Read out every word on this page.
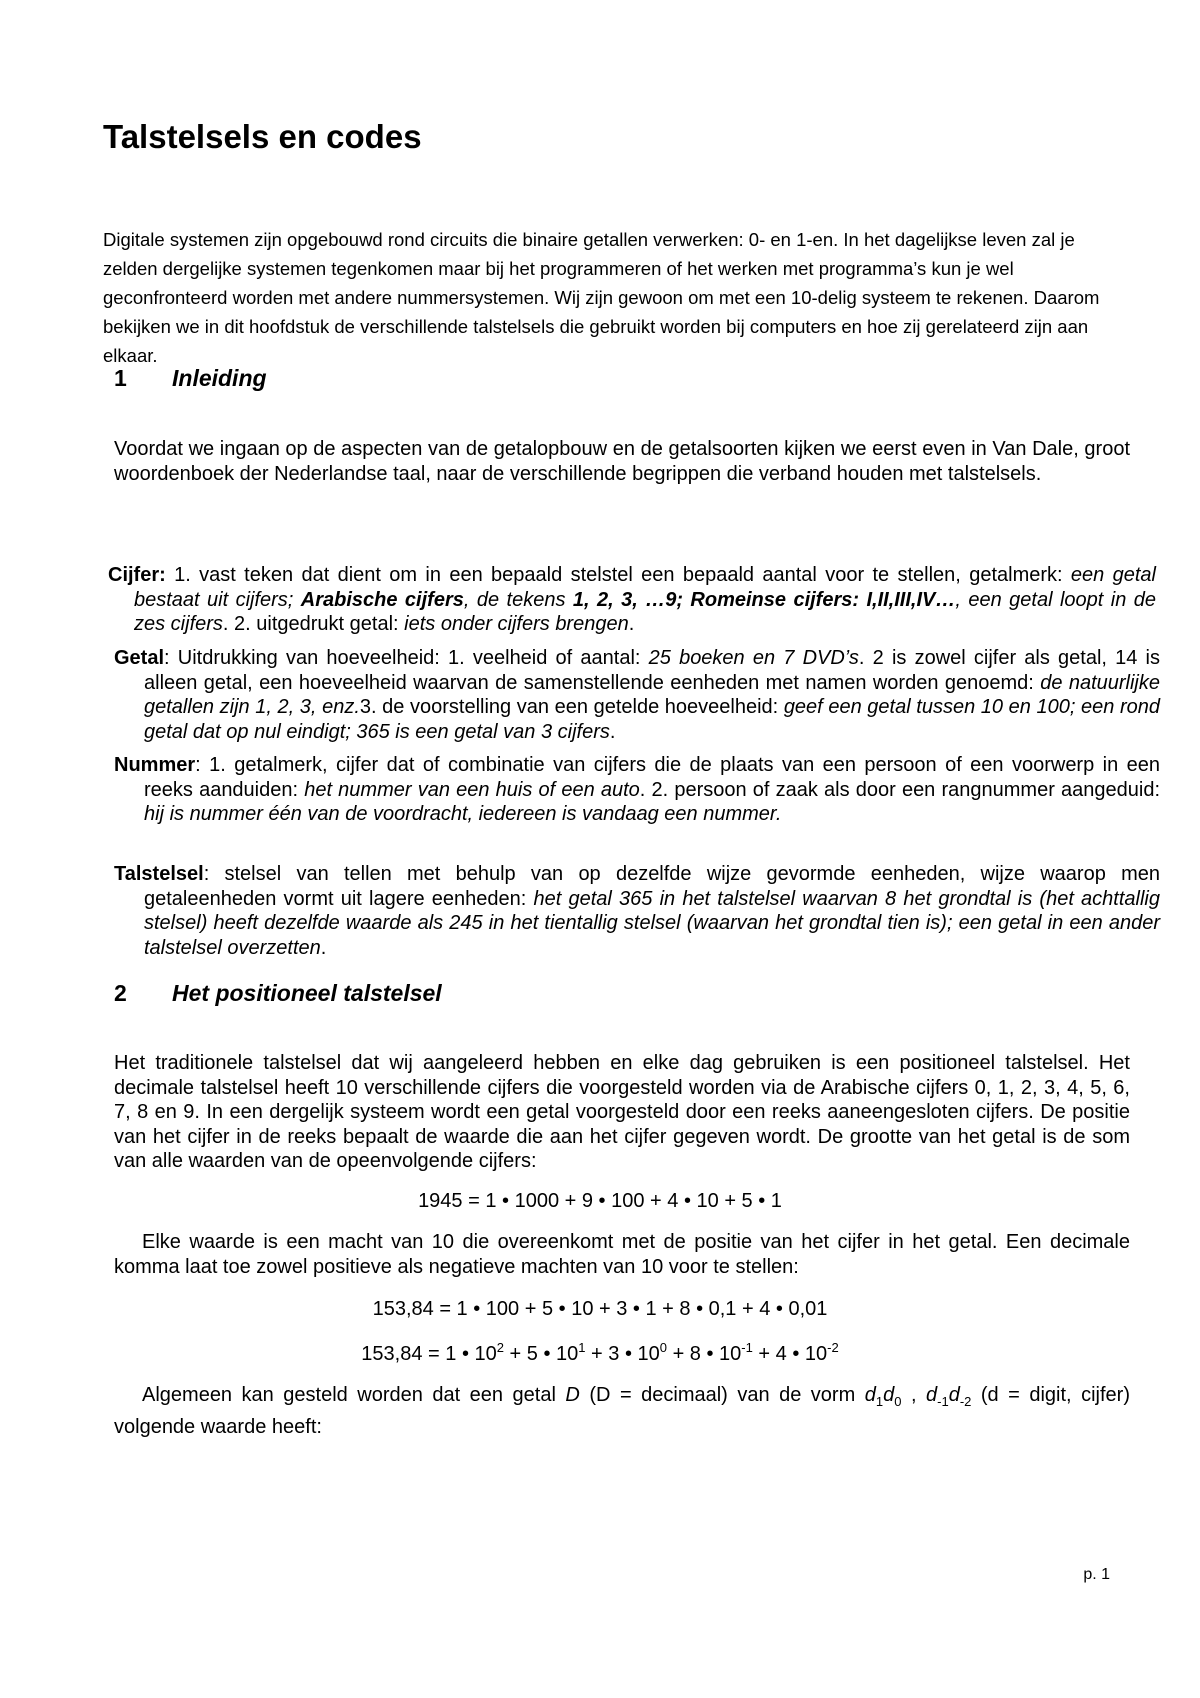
Talstelsels en codes

Digitale systemen zijn opgebouwd rond circuits die binaire getallen verwerken: 0- en 1-en. In het dagelijkse leven zal je zelden dergelijke systemen tegenkomen maar bij het programmeren of het werken met programma’s kun je wel geconfronteerd worden met andere nummersystemen. Wij zijn gewoon om met een 10-delig systeem te rekenen. Daarom bekijken we in dit hoofdstuk de verschillende talstelsels die gebruikt worden bij computers en hoe zij gerelateerd zijn aan elkaar.

1 Inleiding

Voordat we ingaan op de aspecten van de getalopbouw en de getalsoorten kijken we eerst even in Van Dale, groot woordenboek der Nederlandse taal, naar de verschillende begrippen die verband houden met talstelsels.

Cijfer: 1. vast teken dat dient om in een bepaald stelstel een bepaald aantal voor te stellen, getalmerk: een getal bestaat uit cijfers; Arabische cijfers, de tekens 1, 2, 3, …9; Romeinse cijfers: I,II,III,IV…, een getal loopt in de zes cijfers. 2. uitgedrukt getal: iets onder cijfers brengen.

Getal: Uitdrukking van hoeveelheid: 1. veelheid of aantal: 25 boeken en 7 DVD’s. 2 is zowel cijfer als getal, 14 is alleen getal, een hoeveelheid waarvan de samenstellende eenheden met namen worden genoemd: de natuurlijke getallen zijn 1, 2, 3, enz.3. de voorstelling van een getelde hoeveelheid: geef een getal tussen 10 en 100; een rond getal dat op nul eindigt; 365 is een getal van 3 cijfers.

Nummer: 1. getalmerk, cijfer dat of combinatie van cijfers die de plaats van een persoon of een voorwerp in een reeks aanduiden: het nummer van een huis of een auto. 2. persoon of zaak als door een rangnummer aangeduid: hij is nummer één van de voordracht, iedereen is vandaag een nummer.

Talstelsel: stelsel van tellen met behulp van op dezelfde wijze gevormde eenheden, wijze waarop men getaleenheden vormt uit lagere eenheden: het getal 365 in het talstelsel waarvan 8 het grondtal is (het achttallig stelsel) heeft dezelfde waarde als 245 in het tientallig stelsel (waarvan het grondtal tien is); een getal in een ander talstelsel overzetten.

2 Het positioneel talstelsel

Het traditionele talstelsel dat wij aangeleerd hebben en elke dag gebruiken is een positioneel talstelsel. Het decimale talstelsel heeft 10 verschillende cijfers die voorgesteld worden via de Arabische cijfers 0, 1, 2, 3, 4, 5, 6, 7, 8 en 9. In een dergelijk systeem wordt een getal voorgesteld door een reeks aaneengesloten cijfers. De positie van het cijfer in de reeks bepaalt de waarde die aan het cijfer gegeven wordt. De grootte van het getal is de som van alle waarden van de opeenvolgende cijfers:

1945 = 1 • 1000 + 9 • 100 + 4 • 10 + 5 • 1

Elke waarde is een macht van 10 die overeenkomt met de positie van het cijfer in het getal. Een decimale komma laat toe zowel positieve als negatieve machten van 10 voor te stellen:

153,84 = 1 • 100 + 5 • 10 + 3 • 1 + 8 • 0,1 + 4 • 0,01

153,84 = 1 • $10^2 + 5$ • $10^1 + 3$ • $10^0 + 8$ • $10^{-1} + 4$ • $10^{-2}$

Algemeen kan gesteld worden dat een getal D (D = decimaal) van de vorm $d_1d_0$ , $d_{-1}d_{-2}$ (d = digit, cijfer) volgende waarde heeft:

p. 1
